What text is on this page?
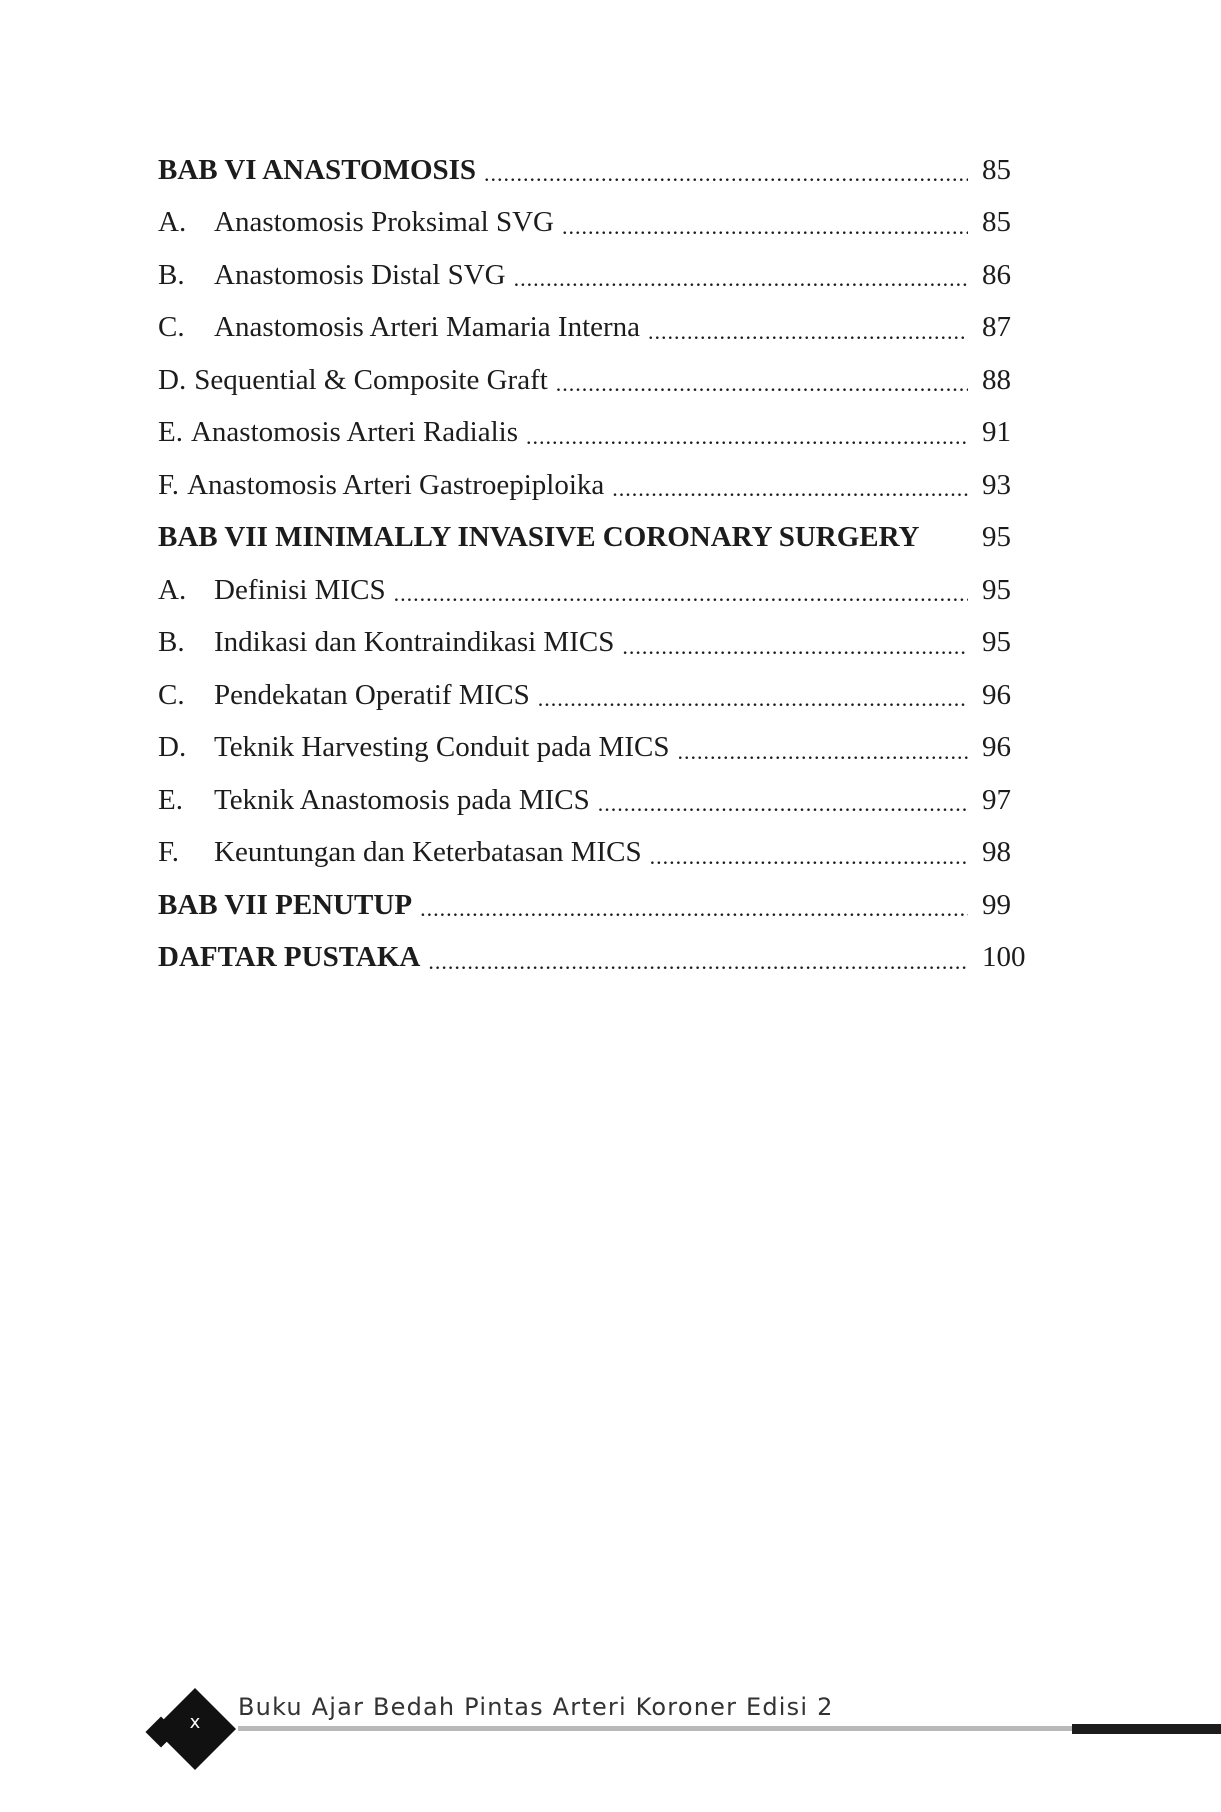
BAB VI ANASTOMOSIS .....	85
A. Anastomosis Proksimal SVG .....	85
B.	Anastomosis Distal SVG .....	86
C.	Anastomosis Arteri Mamaria Interna .....	87
D. Sequential & Composite Graft .....	88
E. Anastomosis Arteri Radialis .....	91
F. Anastomosis Arteri Gastroepiploika .....	93
BAB VII MINIMALLY INVASIVE CORONARY SURGERY 95
A. Definisi MICS .....	95
B.	Indikasi dan Kontraindikasi MICS .....	95
C.	Pendekatan Operatif MICS .....	96
D. Teknik Harvesting Conduit pada MICS .....	96
E.	Teknik Anastomosis pada MICS .....	97
F.	Keuntungan dan Keterbatasan MICS .....	98
BAB VII PENUTUP .....	99
DAFTAR PUSTAKA .....	100
x
Buku Ajar Bedah Pintas Arteri Koroner Edisi 2
